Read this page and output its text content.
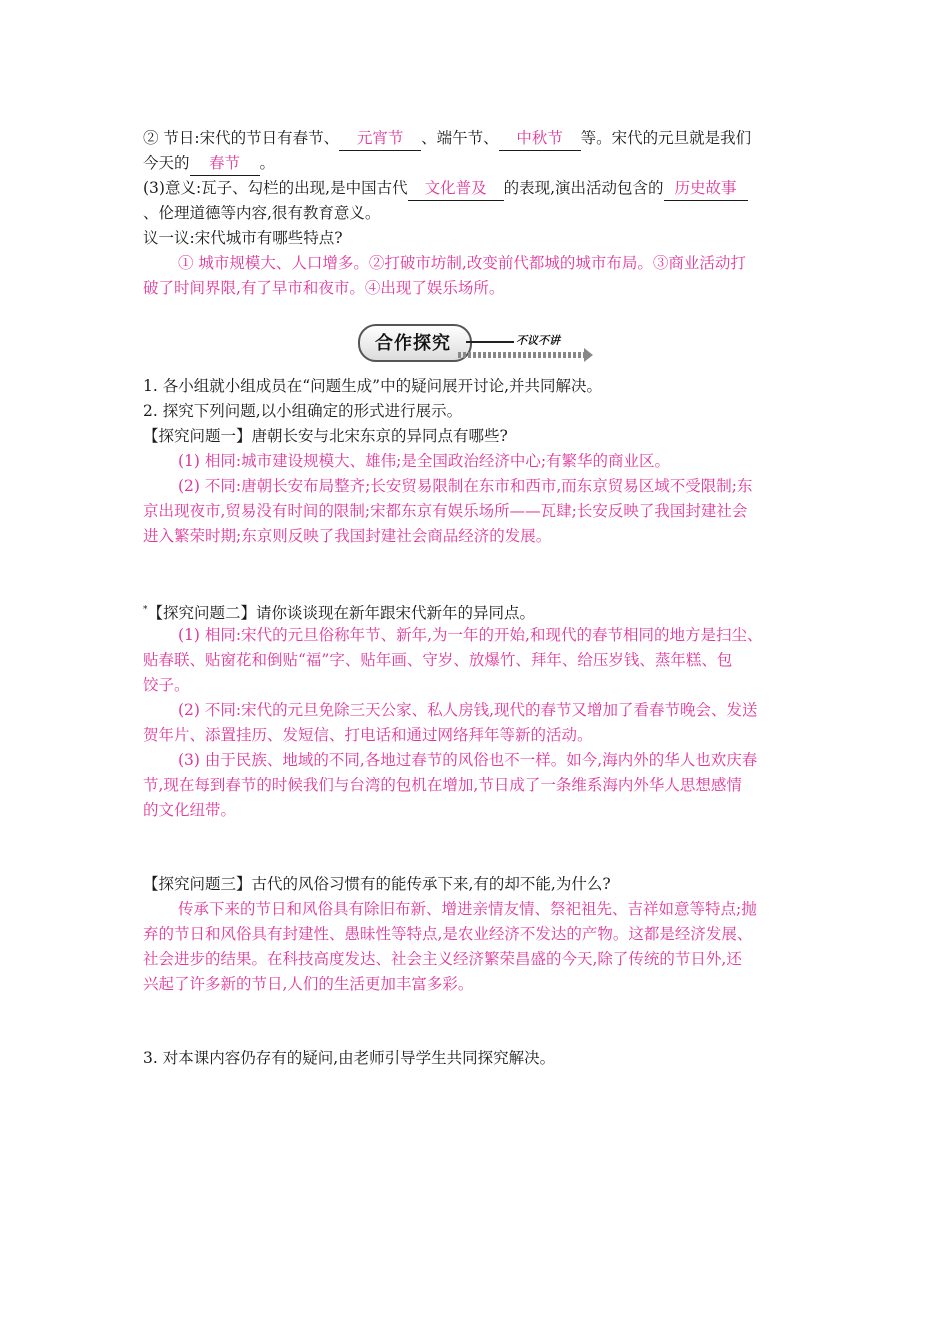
② 节日:宋代的节日有春节、 元宵节 、端午节、 中秋节 等。宋代的元旦就是我们
今天的 春节 。
(3)意义:瓦子、勾栏的出现,是中国古代 文化普及 的表现,演出活动包含的 历史故事
、伦理道德等内容,很有教育意义。
议一议:宋代城市有哪些特点?
① 城市规模大、人口增多。②打破市坊制,改变前代都城的城市布局。③商业活动打
破了时间界限,有了早市和夜市。④出现了娱乐场所。
合作探究	不议不讲
1. 各小组就小组成员在“问题生成”中的疑问展开讨论,并共同解决。
2. 探究下列问题,以小组确定的形式进行展示。
【探究问题一】唐朝长安与北宋东京的异同点有哪些?
(1) 相同:城市建设规模大、雄伟;是全国政治经济中心;有繁华的商业区。
(2) 不同:唐朝长安布局整齐;长安贸易限制在东市和西市,而东京贸易区域不受限制;东
京出现夜市,贸易没有时间的限制;宋都东京有娱乐场所——瓦肆;长安反映了我国封建社会
进入繁荣时期;东京则反映了我国封建社会商品经济的发展。
*【探究问题二】请你谈谈现在新年跟宋代新年的异同点。
(1) 相同:宋代的元旦俗称年节、新年,为一年的开始,和现代的春节相同的地方是扫尘、
贴春联、贴窗花和倒贴“福”字、贴年画、守岁、放爆竹、拜年、给压岁钱、蒸年糕、包
饺子。
(2) 不同:宋代的元旦免除三天公家、私人房钱,现代的春节又增加了看春节晚会、发送
贺年片、添置挂历、发短信、打电话和通过网络拜年等新的活动。
(3) 由于民族、地域的不同,各地过春节的风俗也不一样。如今,海内外的华人也欢庆春
节,现在每到春节的时候我们与台湾的包机在增加,节日成了一条维系海内外华人思想感情
的文化纽带。
【探究问题三】古代的风俗习惯有的能传承下来,有的却不能,为什么?
传承下来的节日和风俗具有除旧布新、增进亲情友情、祭祀祖先、吉祥如意等特点;抛
弃的节日和风俗具有封建性、愚昧性等特点,是农业经济不发达的产物。这都是经济发展、
社会进步的结果。在科技高度发达、社会主义经济繁荣昌盛的今天,除了传统的节日外,还
兴起了许多新的节日,人们的生活更加丰富多彩。
3. 对本课内容仍存有的疑问,由老师引导学生共同探究解决。
